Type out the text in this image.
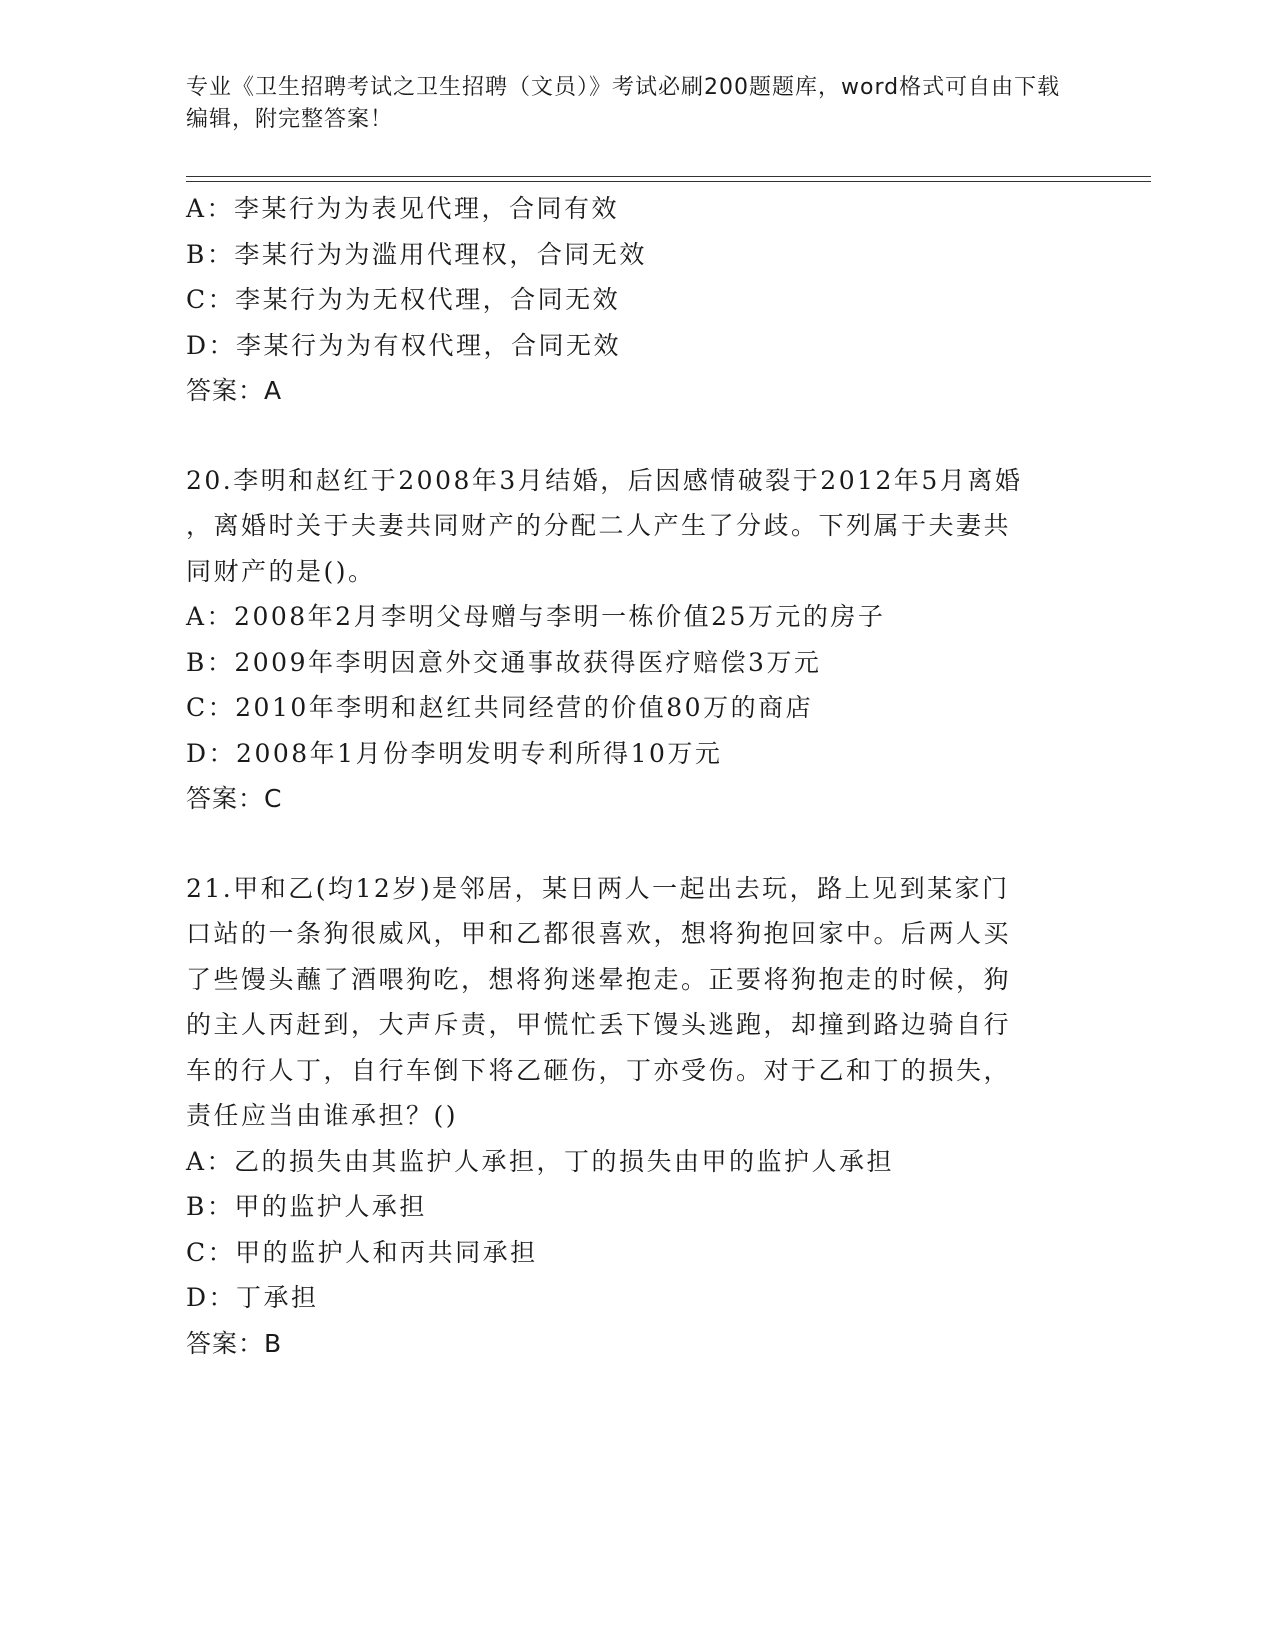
专业《卫生招聘考试之卫生招聘（文员）》考试必刷200题题库，word格式可自由下载编辑，附完整答案！
A：李某行为为表见代理，合同有效
B：李某行为为滥用代理权，合同无效
C：李某行为为无权代理，合同无效
D：李某行为为有权代理，合同无效
答案：A
20.李明和赵红于2008年3月结婚，后因感情破裂于2012年5月离婚
，离婚时关于夫妻共同财产的分配二人产生了分歧。下列属于夫妻共
同财产的是()。
A：2008年2月李明父母赠与李明一栋价值25万元的房子
B：2009年李明因意外交通事故获得医疗赔偿3万元
C：2010年李明和赵红共同经营的价值80万的商店
D：2008年1月份李明发明专利所得10万元
答案：C
21.甲和乙(均12岁)是邻居，某日两人一起出去玩，路上见到某家门
口站的一条狗很威风，甲和乙都很喜欢，想将狗抱回家中。后两人买
了些馒头蘸了酒喂狗吃，想将狗迷晕抱走。正要将狗抱走的时候，狗
的主人丙赶到，大声斥责，甲慌忙丢下馒头逃跑，却撞到路边骑自行
车的行人丁，自行车倒下将乙砸伤，丁亦受伤。对于乙和丁的损失，
责任应当由谁承担？()
A：乙的损失由其监护人承担，丁的损失由甲的监护人承担
B：甲的监护人承担
C：甲的监护人和丙共同承担
D：丁承担
答案：B
